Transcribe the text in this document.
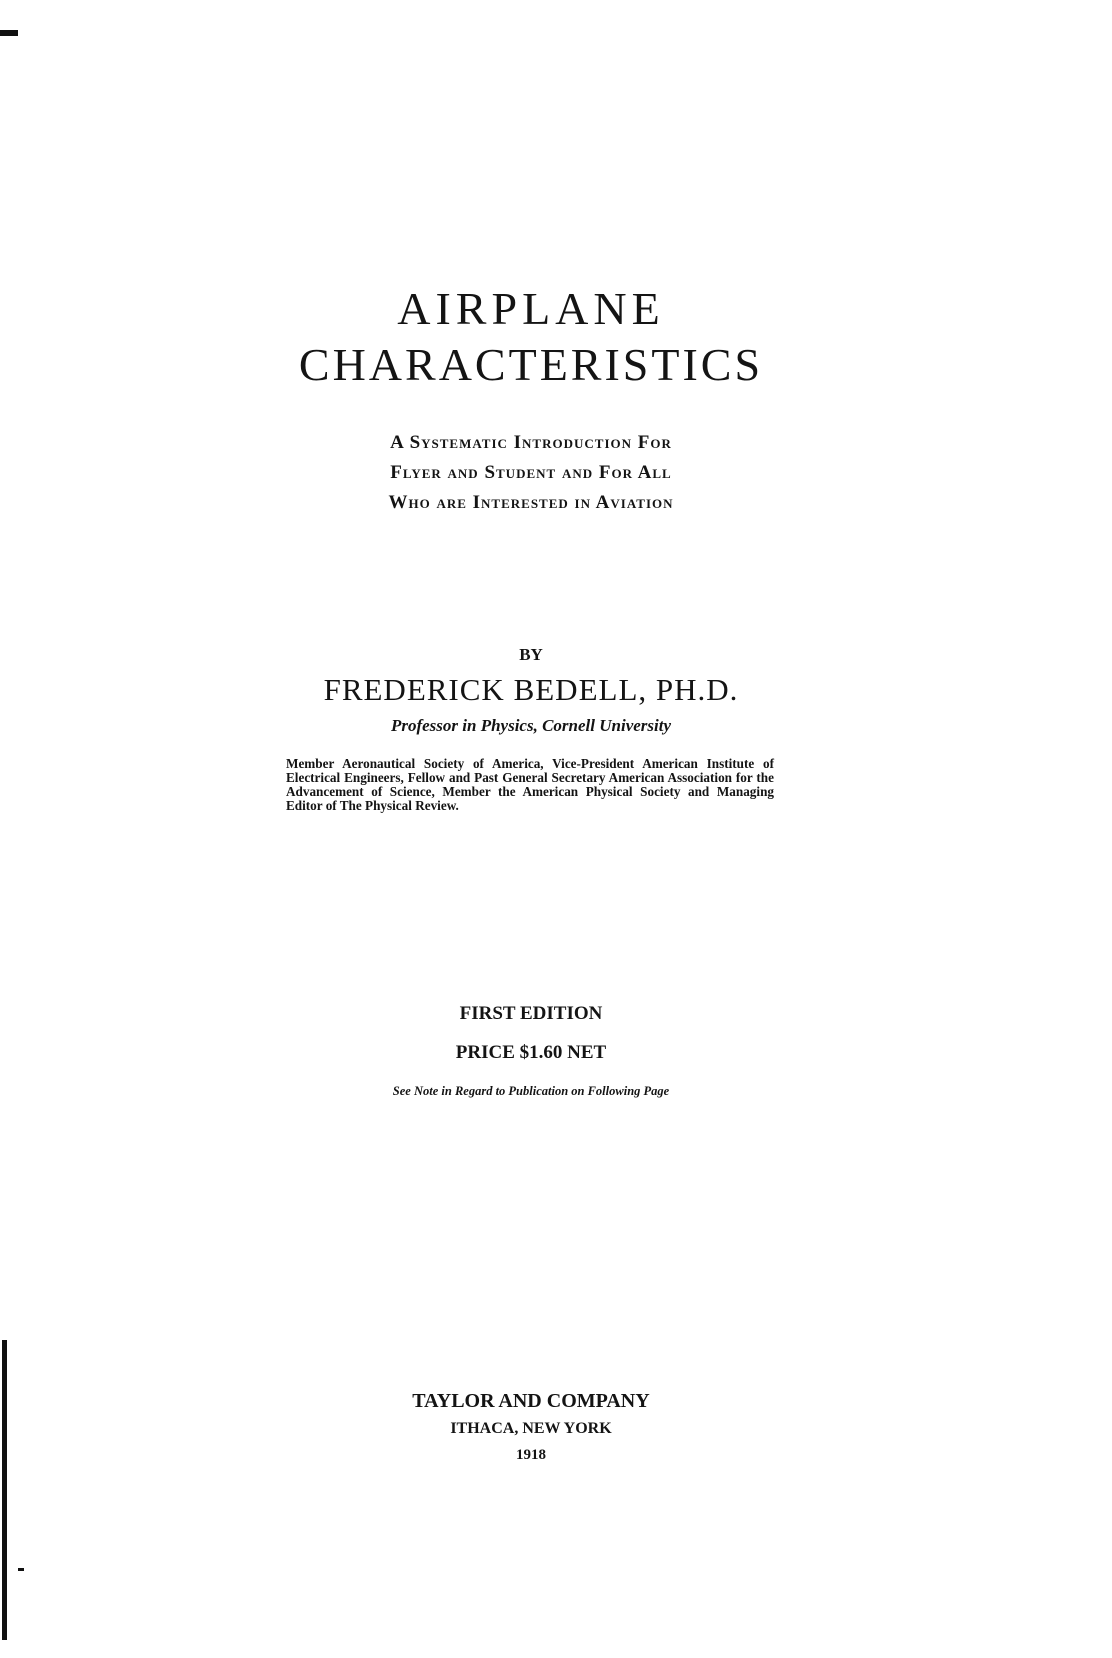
AIRPLANE
CHARACTERISTICS
A Systematic Introduction For
Flyer and Student and For All
Who are Interested in Aviation
BY
FREDERICK BEDELL, PH.D.
Professor in Physics, Cornell University
Member Aeronautical Society of America, Vice-President American Institute of Electrical Engineers, Fellow and Past General Secretary American Association for the Advancement of Science, Member the American Physical Society and Managing Editor of The Physical Review.
FIRST EDITION
PRICE $1.60 NET
See Note in Regard to Publication on Following Page
TAYLOR AND COMPANY
ITHACA, NEW YORK
1918
